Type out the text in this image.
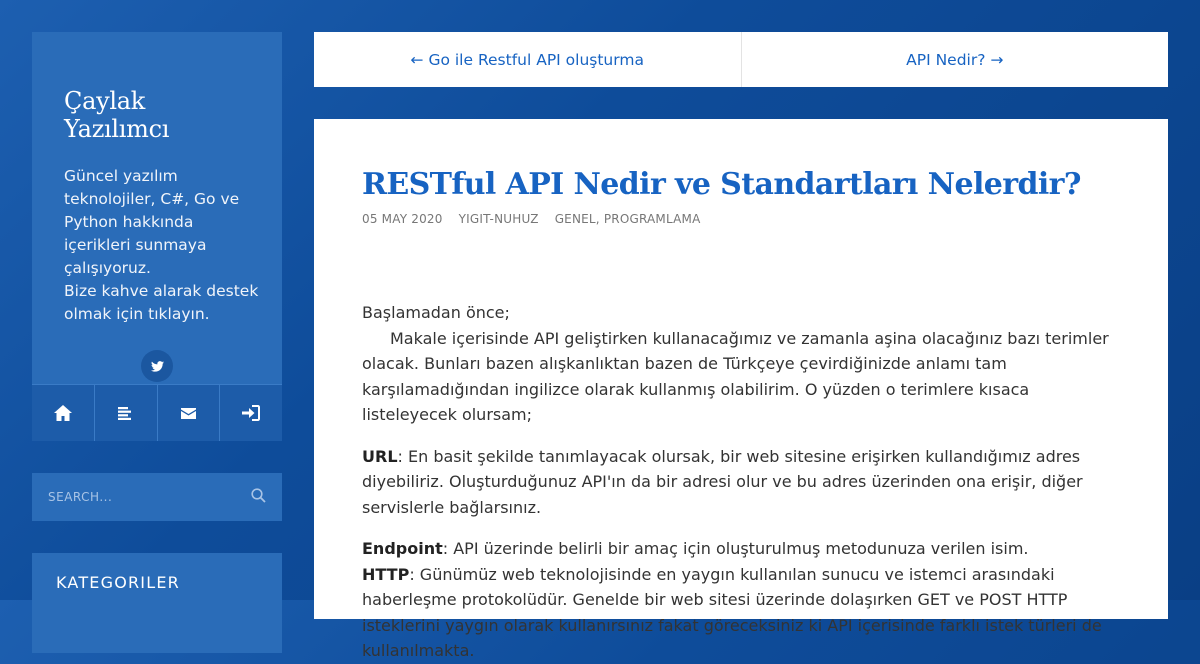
Çaylak Yazılımcı
Güncel yazılım teknolojiler, C#, Go ve Python hakkında içerikleri sunmaya çalışıyoruz.
Bize kahve alarak destek olmak için tıklayın.
SEARCH...
KATEGORILER
← Go ile Restful API oluşturma	API Nedir? →
RESTful API Nedir ve Standartları Nelerdir?
05 MAY 2020 YIGIT-NUHUZ GENEL, PROGRAMLAMA

Başlamadan önce;
Makale içerisinde API geliştirken kullanacağımız ve zamanla aşina olacağınız bazı terimler olacak. Bunları bazen alışkanlıktan bazen de Türkçeye çevirdiğinizde anlamı tam karşılamadığından ingilizce olarak kullanmış olabilirim. O yüzden o terimlere kısaca listeleyecek olursam;

URL: En basit şekilde tanımlayacak olursak, bir web sitesine erişirken kullandığımız adres diyebiliriz. Oluşturduğunuz API'ın da bir adresi olur ve bu adres üzerinden ona erişir, diğer servislerle bağlarsınız.

Endpoint: API üzerinde belirli bir amaç için oluşturulmuş metodunuza verilen isim.

HTTP: Günümüz web teknolojisinde en yaygın kullanılan sunucu ve istemci arasındaki haberleşme protokolüdür. Genelde bir web sitesi üzerinde dolaşırken GET ve POST HTTP isteklerini yaygın olarak kullanırsınız fakat göreceksiniz ki API içerisinde farklı istek türleri de kullanılmakta.
